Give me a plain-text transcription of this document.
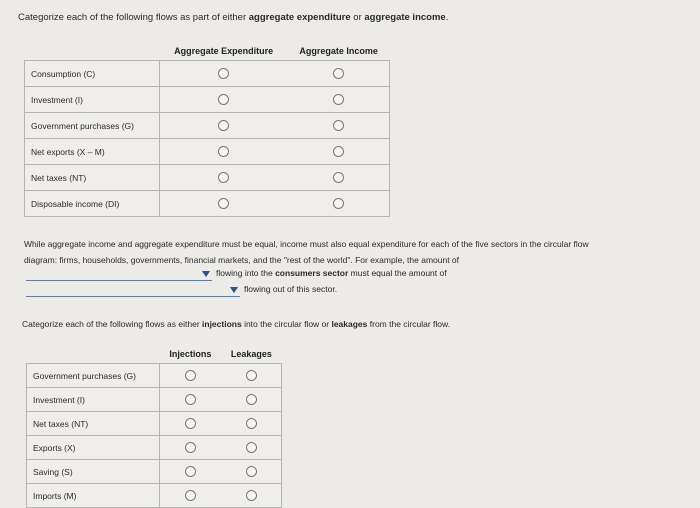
Categorize each of the following flows as part of either aggregate expenditure or aggregate income.
	Aggregate Expenditure	Aggregate Income
Consumption (C)		
Investment (I)		
Government purchases (G)		
Net exports (X – M)		
Net taxes (NT)		
Disposable income (DI)		
While aggregate income and aggregate expenditure must be equal, income must also equal expenditure for each of the five sectors in the circular flow
diagram: firms, households, governments, financial markets, and the "rest of the world". For example, the amount of
flowing into the consumers sector must equal the amount of
flowing out of this sector.
Categorize each of the following flows as either injections into the circular flow or leakages from the circular flow.
	Injections	Leakages
Government purchases (G)		
Investment (I)		
Net taxes (NT)		
Exports (X)		
Saving (S)		
Imports (M)		
